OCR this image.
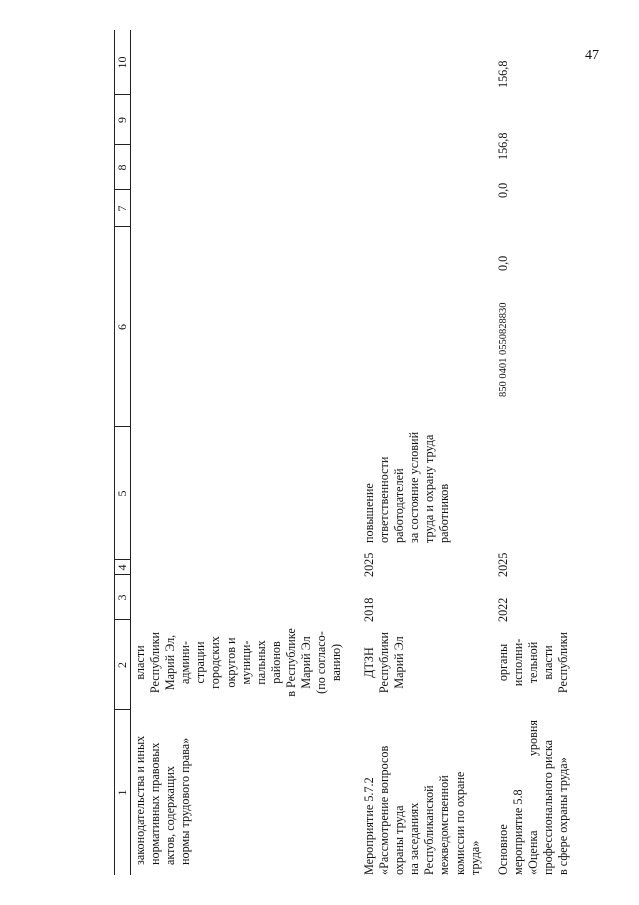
47
1
2
3
4
5
6
7
8
9
10
законодательства и иных нормативных правовых актов, содержащих нормы трудового права»
власти Республики Марий Эл, админи- страции городских округов и муници- пальных районов в Республике Марий Эл (по согласо- ванию)
Мероприятие 5.7.2 «Рассмотрение вопросов охраны труда на заседаниях Республиканской межведомственной комиссии по охране труда»
ДТЗН Республики Марий Эл
2018
2025
повышение ответственности работодателей за состояние условий труда и охрану труда работников
Основное мероприятие 5.8 «Оценка уровня профессионального риска в сфере охраны труда»
органы исполни- тельной власти Республики
2022
2025
850 0401 0550828830
0,0
0,0
156,8
156,8
